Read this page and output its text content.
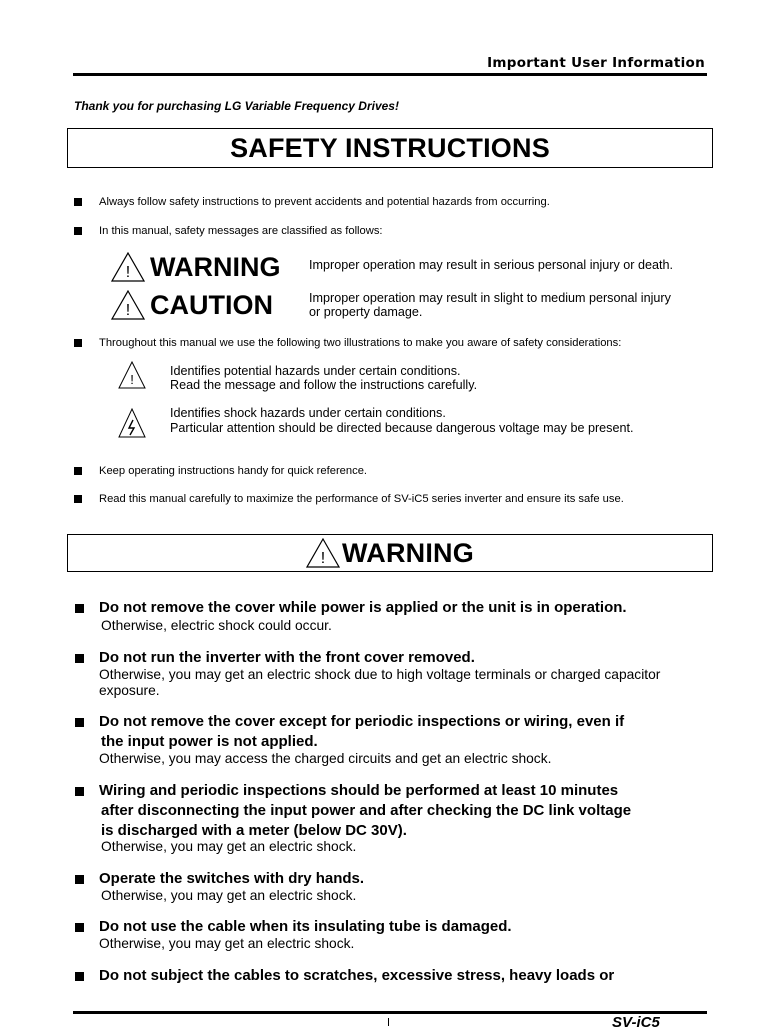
Important User Information
Thank you for purchasing LG Variable Frequency Drives!
SAFETY INSTRUCTIONS
Always follow safety instructions to prevent accidents and potential hazards from occurring.
In this manual, safety messages are classified as follows:
! WARNING Improper operation may result in serious personal injury or death.
! CAUTION	Improper operation may result in slight to medium personal injury
or property damage.
Throughout this manual we use the following two illustrations to make you aware of safety considerations:
!
Identifies potential hazards under certain conditions.
Read the message and follow the instructions carefully.
Identifies shock hazards under certain conditions.
Particular attention should be directed because dangerous voltage may be present.
Keep operating instructions handy for quick reference.
Read this manual carefully to maximize the performance of SV-iC5 series inverter and ensure its safe use.
! WARNING
Do not remove the cover while power is applied or the unit is in operation.
Otherwise, electric shock could occur.
Do not run the inverter with the front cover removed.
Otherwise, you may get an electric shock due to high voltage terminals or charged capacitor
exposure.
Do not remove the cover except for periodic inspections or wiring, even if
the input power is not applied.
Otherwise, you may access the charged circuits and get an electric shock.
Wiring and periodic inspections should be performed at least 10 minutes
after disconnecting the input power and after checking the DC link voltage
is discharged with a meter (below DC 30V).
Otherwise, you may get an electric shock.
Operate the switches with dry hands.
Otherwise, you may get an electric shock.
Do not use the cable when its insulating tube is damaged.
Otherwise, you may get an electric shock.
Do not subject the cables to scratches, excessive stress, heavy loads or
SV-iC5
